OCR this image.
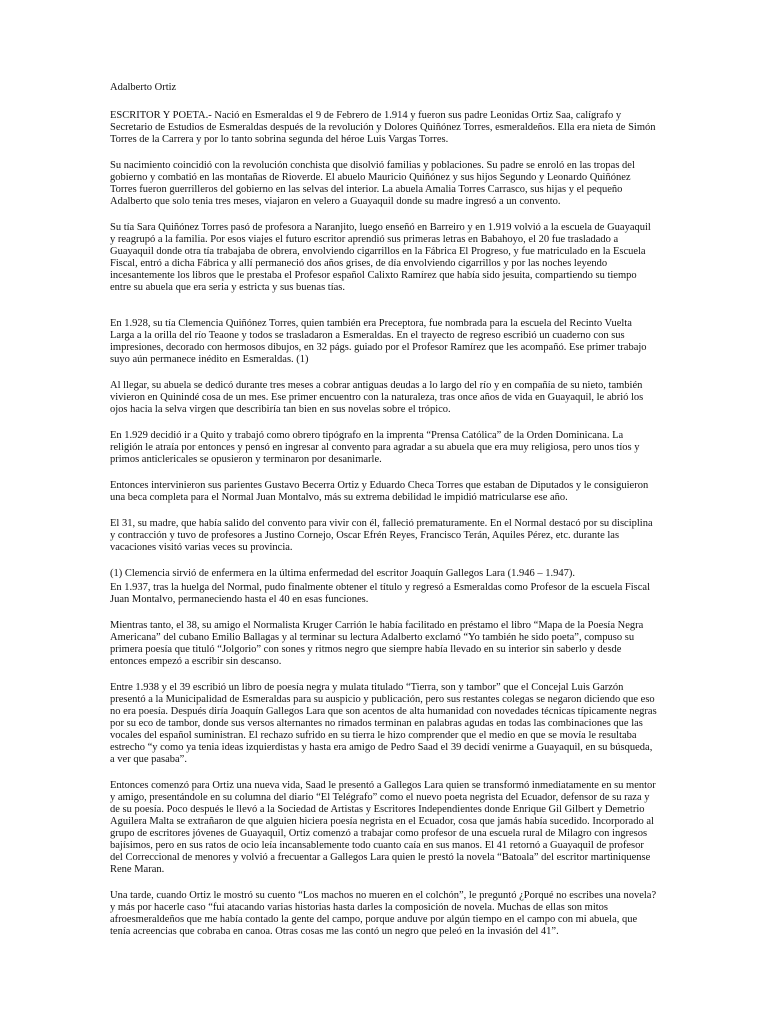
Adalberto Ortiz

ESCRITOR Y POETA.- Nació en Esmeraldas el 9 de Febrero de 1.914 y fueron sus padre Leonidas Ortiz Saa, calígrafo y Secretario de Estudios de Esmeraldas después de la revolución y Dolores Quiñónez Torres, esmeraldeños. Ella era nieta de Simón Torres de la Carrera y por lo tanto sobrina segunda del héroe Luis Vargas Torres.

Su nacimiento coincidió con la revolución conchista que disolvió familias y poblaciones. Su padre se enroló en las tropas del gobierno y combatió en las montañas de Rioverde. El abuelo Mauricio Quiñónez y sus hijos Segundo y Leonardo Quiñónez Torres fueron guerrilleros del gobierno en las selvas del interior. La abuela Amalia Torres Carrasco, sus hijas y el pequeño Adalberto que solo tenia tres meses, viajaron en velero a Guayaquil donde su madre ingresó a un convento.

Su tía Sara Quiñónez Torres pasó de profesora a Naranjito, luego enseñó en Barreiro y en 1.919 volvió a la escuela de Guayaquil y reagrupó a la familia. Por esos viajes el futuro escritor aprendió sus primeras letras en Babahoyo, el 20 fue trasladado a Guayaquil donde otra tía trabajaba de obrera, envolviendo cigarrillos en la Fábrica El Progreso, y fue matriculado en la Escuela Fiscal, entró a dicha Fábrica y allí permaneció dos años grises, de día envolviendo cigarrillos y por las noches leyendo incesantemente los libros que le prestaba el Profesor español Calixto Ramírez que había sido jesuita, compartiendo su tiempo entre su abuela que era seria y estricta y sus buenas tías.

En 1.928, su tía Clemencia Quiñónez Torres, quien también era Preceptora, fue nombrada para la escuela del Recinto Vuelta Larga a la orilla del río Teaone y todos se trasladaron a Esmeraldas. En el trayecto de regreso escribió un cuaderno con sus impresiones, decorado con hermosos dibujos, en 32 págs. guiado por el Profesor Ramírez que les acompañó. Ese primer trabajo suyo aún permanece inédito en Esmeraldas. (1)

Al llegar, su abuela se dedicó durante tres meses a cobrar antiguas deudas a lo largo del río y en compañía de su nieto, también vivieron en Quinindé cosa de un mes. Ese primer encuentro con la naturaleza, tras once años de vida en Guayaquil, le abrió los ojos hacia la selva virgen que describiría tan bien en sus novelas sobre el trópico.

En 1.929 decidió ir a Quito y trabajó como obrero tipógrafo en la imprenta “Prensa Católica” de la Orden Dominicana. La religión le atraía por entonces y pensó en ingresar al convento para agradar a su abuela que era muy religiosa, pero unos tíos y primos anticlericales se opusieron y terminaron por desanimarle.

Entonces intervinieron sus parientes Gustavo Becerra Ortiz y Eduardo Checa Torres que estaban de Diputados y le consiguieron una beca completa para el Normal Juan Montalvo, más su extrema debilidad le impidió matricularse ese año.

El 31, su madre, que había salido del convento para vivir con él, falleció prematuramente. En el Normal destacó por su disciplina y contracción y tuvo de profesores a Justino Cornejo, Oscar Efrén Reyes, Francisco Terán, Aquiles Pérez, etc. durante las vacaciones visitó varias veces su provincia.

(1) Clemencia sirvió de enfermera en la última enfermedad del escritor Joaquín Gallegos Lara (1.946 – 1.947).

En 1.937, tras la huelga del Normal, pudo finalmente obtener el título y regresó a Esmeraldas como Profesor de la escuela Fiscal Juan Montalvo, permaneciendo hasta el 40 en esas funciones.

Mientras tanto, el 38, su amigo el Normalista Kruger Carrión le había facilitado en préstamo el libro “Mapa de la Poesía Negra Americana” del cubano Emilio Ballagas y al terminar su lectura Adalberto exclamó “Yo también he sido poeta”, compuso su primera poesía que tituló “Jolgorio” con sones y ritmos negro que siempre había llevado en su interior sin saberlo y desde entonces empezó a escribir sin descanso.

Entre 1.938 y el 39 escribió un libro de poesía negra y mulata titulado “Tierra, son y tambor” que el Concejal Luis Garzón presentó a la Municipalidad de Esmeraldas para su auspicio y publicación, pero sus restantes colegas se negaron diciendo que eso no era poesía. Después diría Joaquín Gallegos Lara que son acentos de alta humanidad con novedades técnicas típicamente negras por su eco de tambor, donde sus versos alternantes no rimados terminan en palabras agudas en todas las combinaciones que las vocales del español suministran. El rechazo sufrido en su tierra le hizo comprender que el medio en que se movía le resultaba estrecho “y como ya tenia ideas izquierdistas y hasta era amigo de Pedro Saad el 39 decidí venirme a Guayaquil, en su búsqueda, a ver que pasaba”.

Entonces comenzó para Ortiz una nueva vida, Saad le presentó a Gallegos Lara quien se transformó inmediatamente en su mentor y amigo, presentándole en su columna del diario “El Telégrafo” como el nuevo poeta negrista del Ecuador, defensor de su raza y de su poesía. Poco después le llevó a la Sociedad de Artistas y Escritores Independientes donde Enrique Gil Gilbert y Demetrio Aguilera Malta se extrañaron de que alguien hiciera poesía negrista en el Ecuador, cosa que jamás había sucedido. Incorporado al grupo de escritores jóvenes de Guayaquil, Ortiz comenzó a trabajar como profesor de una escuela rural de Milagro con ingresos bajísimos, pero en sus ratos de ocio leía incansablemente todo cuanto caía en sus manos. El 41 retornó a Guayaquil de profesor del Correccional de menores y volvió a frecuentar a Gallegos Lara quien le prestó la novela “Batoala” del escritor martiniquense Rene Maran.

Una tarde, cuando Ortiz le mostró su cuento “Los machos no mueren en el colchón”, le preguntó ¿Porqué no escribes una novela? y más por hacerle caso “fui atacando varias historias hasta darles la composición de novela. Muchas de ellas son mitos afroesmeraldeños que me había contado la gente del campo, porque anduve por algún tiempo en el campo con mi abuela, que tenía acreencias que cobraba en canoa. Otras cosas me las contó un negro que peleó en la invasión del 41”.
